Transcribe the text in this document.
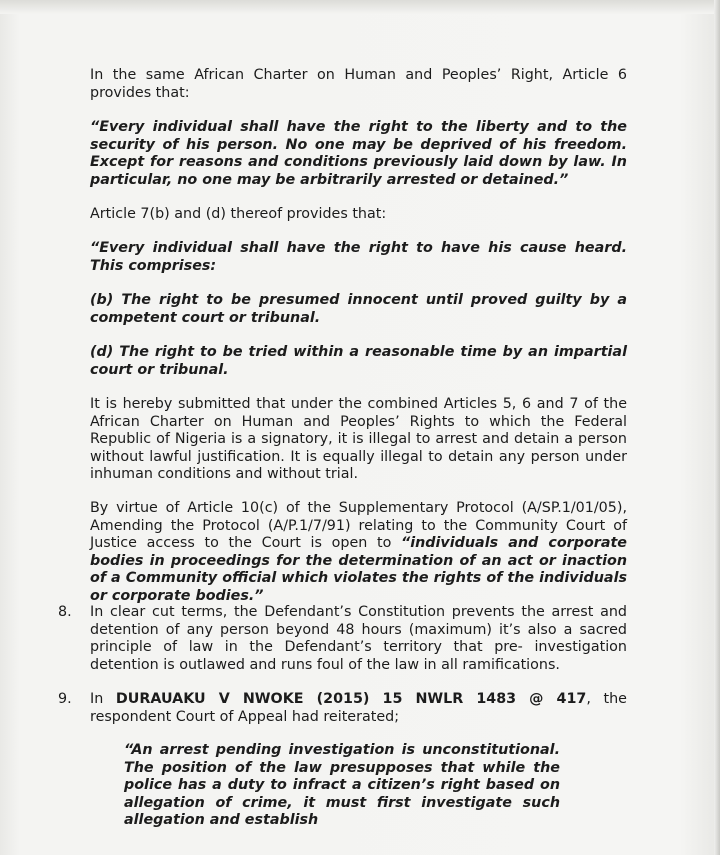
In the same African Charter on Human and Peoples’ Right, Article 6 provides that:

“Every individual shall have the right to the liberty and to the security of his person. No one may be deprived of his freedom. Except for reasons and conditions previously laid down by law. In particular, no one may be arbitrarily arrested or detained.”

Article 7(b) and (d) thereof provides that:

“Every individual shall have the right to have his cause heard. This comprises:

(b) The right to be presumed innocent until proved guilty by a competent court or tribunal.

(d) The right to be tried within a reasonable time by an impartial court or tribunal.

It is hereby submitted that under the combined Articles 5, 6 and 7 of the African Charter on Human and Peoples’ Rights to which the Federal Republic of Nigeria is a signatory, it is illegal to arrest and detain a person without lawful justification. It is equally illegal to detain any person under inhuman conditions and without trial.

By virtue of Article 10(c) of the Supplementary Protocol (A/SP.1/01/05), Amending the Protocol (A/P.1/7/91) relating to the Community Court of Justice access to the Court is open to “individuals and corporate bodies in proceedings for the determination of an act or inaction of a Community official which violates the rights of the individuals or corporate bodies.”

8. In clear cut terms, the Defendant’s Constitution prevents the arrest and detention of any person beyond 48 hours (maximum) it’s also a sacred principle of law in the Defendant’s territory that pre- investigation detention is outlawed and runs foul of the law in all ramifications.

9. In DURAUAKU V NWOKE (2015) 15 NWLR 1483 @ 417, the respondent Court of Appeal had reiterated;

“An arrest pending investigation is unconstitutional. The position of the law presupposes that while the police has a duty to infract a citizen’s right based on allegation of crime, it must first investigate such allegation and establish
